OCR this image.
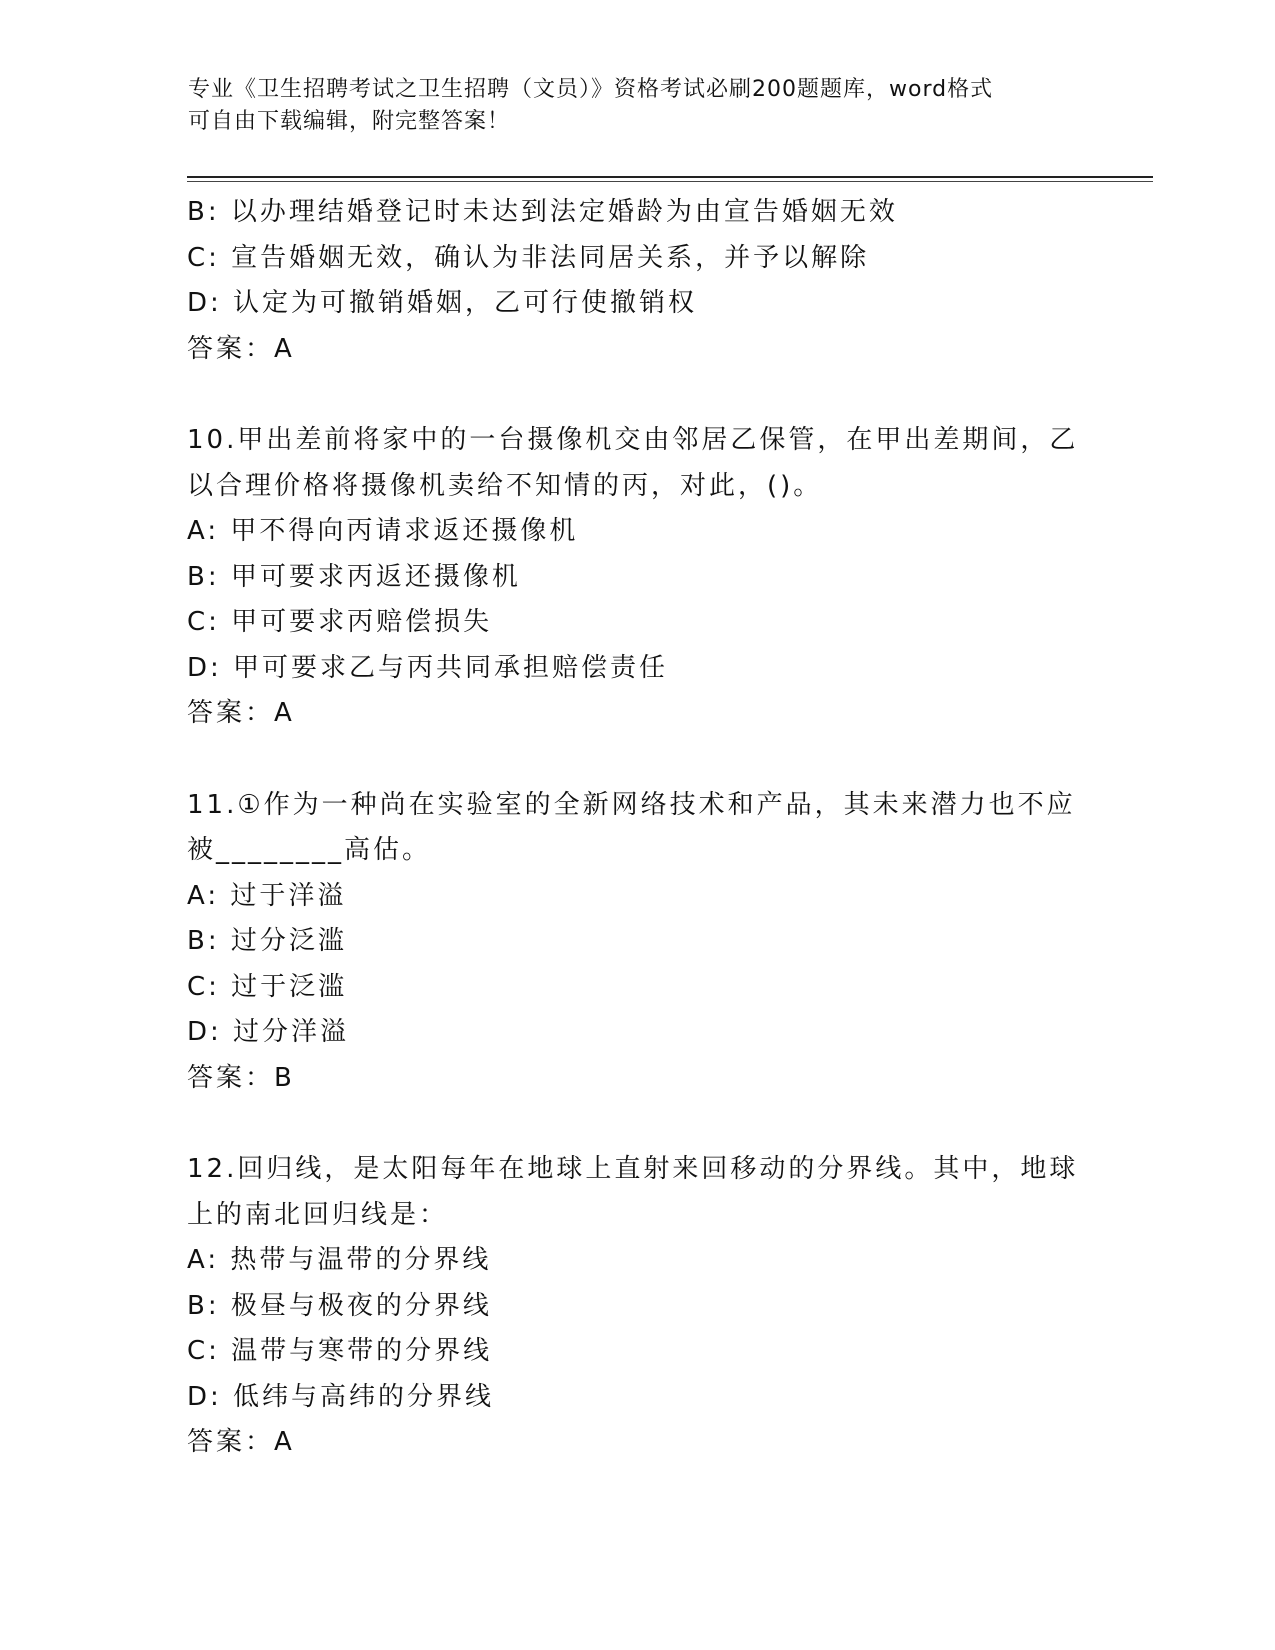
专业《卫生招聘考试之卫生招聘（文员）》资格考试必刷200题题库，word格式
可自由下载编辑，附完整答案！
B: 以办理结婚登记时未达到法定婚龄为由宣告婚姻无效
C: 宣告婚姻无效，确认为非法同居关系，并予以解除
D: 认定为可撤销婚姻，乙可行使撤销权
答案：A
10.甲出差前将家中的一台摄像机交由邻居乙保管，在甲出差期间，乙
以合理价格将摄像机卖给不知情的丙，对此，()。
A: 甲不得向丙请求返还摄像机
B: 甲可要求丙返还摄像机
C: 甲可要求丙赔偿损失
D: 甲可要求乙与丙共同承担赔偿责任
答案：A
11.①作为一种尚在实验室的全新网络技术和产品，其未来潜力也不应
被________高估。
A: 过于洋溢
B: 过分泛滥
C: 过于泛滥
D: 过分洋溢
答案：B
12.回归线，是太阳每年在地球上直射来回移动的分界线。其中，地球
上的南北回归线是：
A: 热带与温带的分界线
B: 极昼与极夜的分界线
C: 温带与寒带的分界线
D: 低纬与高纬的分界线
答案：A
